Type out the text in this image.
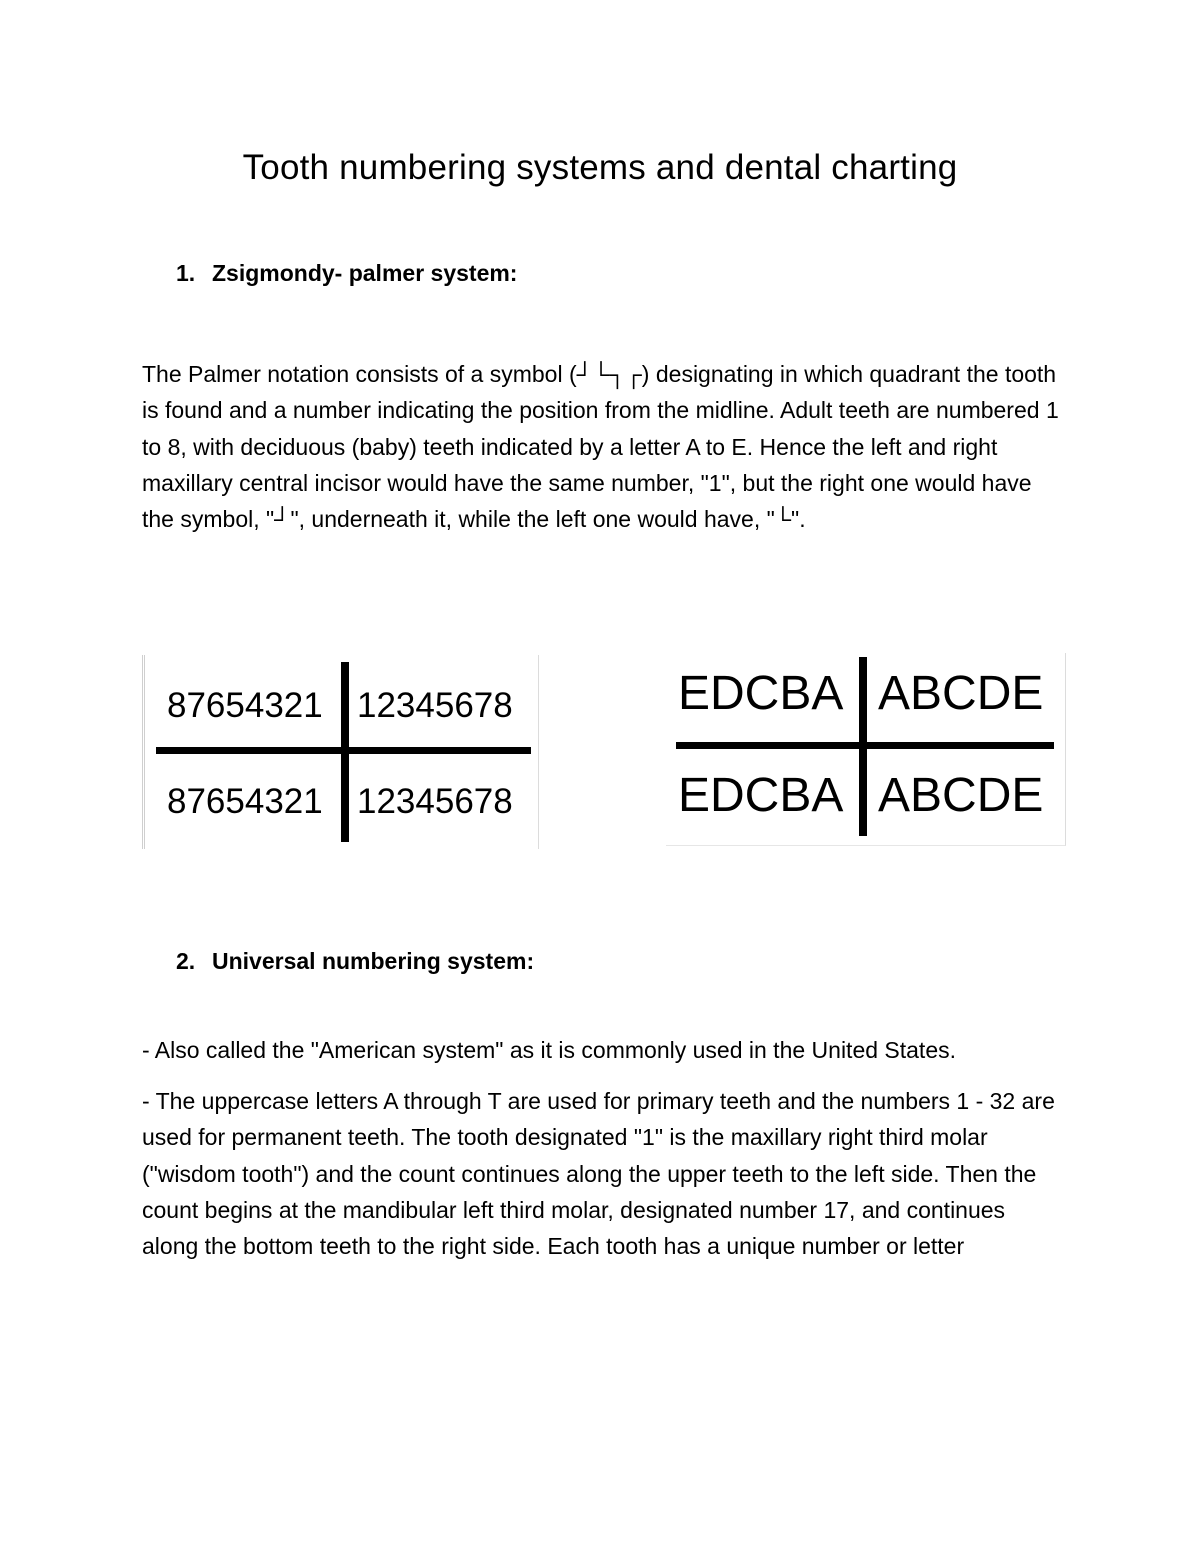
Tooth numbering systems and dental charting
1. Zsigmondy- palmer system:

The Palmer notation consists of a symbol (┘└┐┌) designating in which quadrant the tooth is found and a number indicating the position from the midline. Adult teeth are numbered 1 to 8, with deciduous (baby) teeth indicated by a letter A to E. Hence the left and right maxillary central incisor would have the same number, "1", but the right one would have the symbol, "┘", underneath it, while the left one would have, "└".

87654321 12345678
87654321 12345678
EDCBA ABCDE
EDCBA ABCDE
2. Universal numbering system:

- Also called the "American system" as it is commonly used in the United States.

- The uppercase letters A through T are used for primary teeth and the numbers 1 - 32 are used for permanent teeth. The tooth designated "1" is the maxillary right third molar ("wisdom tooth") and the count continues along the upper teeth to the left side. Then the count begins at the mandibular left third molar, designated number 17, and continues along the bottom teeth to the right side. Each tooth has a unique number or letter
